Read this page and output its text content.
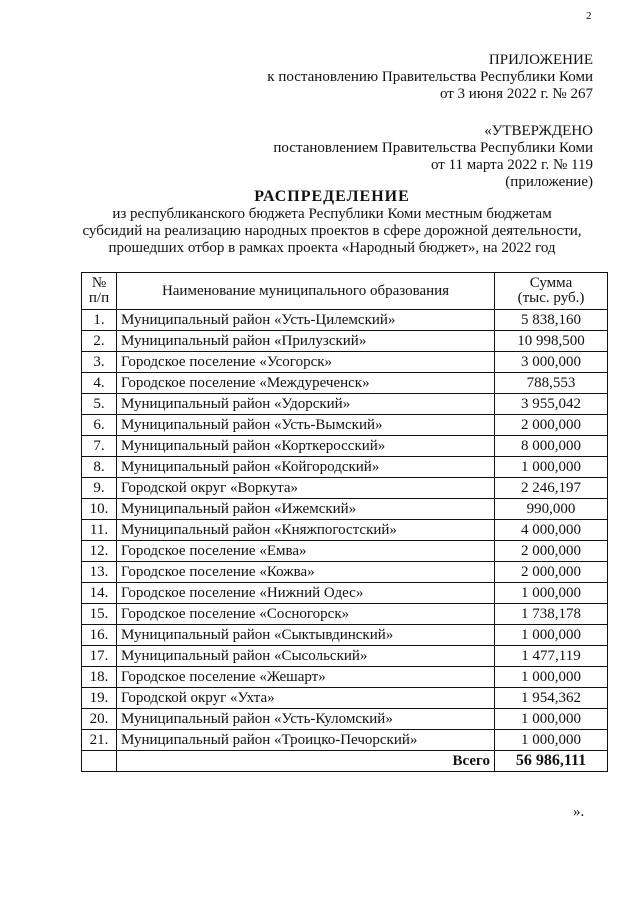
2
ПРИЛОЖЕНИЕ
к постановлению Правительства Республики Коми
от 3 июня 2022 г. № 267
«УТВЕРЖДЕНО
постановлением Правительства Республики Коми
от 11 марта 2022 г. № 119
(приложение)
РАСПРЕДЕЛЕНИЕ
из республиканского бюджета Республики Коми местным бюджетам
субсидий на реализацию народных проектов в сфере дорожной деятельности,
прошедших отбор в рамках проекта «Народный бюджет», на 2022 год
№
п/п	Наименование муниципального образования	Сумма
(тыс. руб.)
1.	Муниципальный район «Усть-Цилемский»	5 838,160
2.	Муниципальный район «Прилузский»	10 998,500
3.	Городское поселение «Усогорск»	3 000,000
4.	Городское поселение «Междуреченск»	788,553
5.	Муниципальный район «Удорский»	3 955,042
6.	Муниципальный район «Усть-Вымский»	2 000,000
7.	Муниципальный район «Корткеросский»	8 000,000
8.	Муниципальный район «Койгородский»	1 000,000
9.	Городской округ «Воркута»	2 246,197
10.	Муниципальный район «Ижемский»	990,000
11.	Муниципальный район «Княжпогостский»	4 000,000
12.	Городское поселение «Емва»	2 000,000
13.	Городское поселение «Кожва»	2 000,000
14.	Городское поселение «Нижний Одес»	1 000,000
15.	Городское поселение «Сосногорск»	1 738,178
16.	Муниципальный район «Сыктывдинский»	1 000,000
17.	Муниципальный район «Сысольский»	1 477,119
18.	Городское поселение «Жешарт»	1 000,000
19.	Городской округ «Ухта»	1 954,362
20.	Муниципальный район «Усть-Куломский»	1 000,000
21.	Муниципальный район «Троицко-Печорский»	1 000,000
	Всего	56 986,111
».
